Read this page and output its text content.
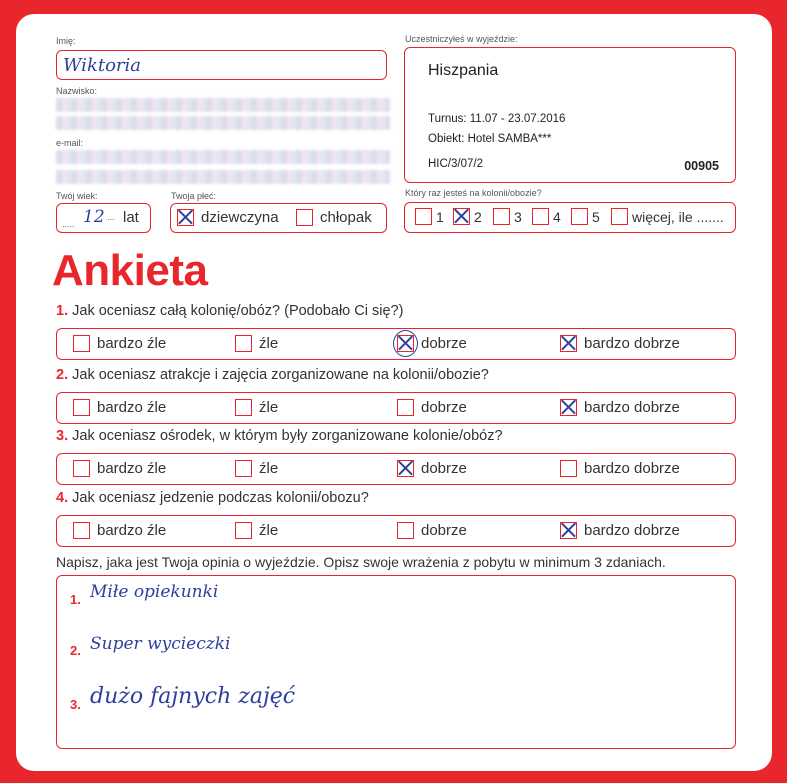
Imię:
Wiktoria
Nazwisko:
e-mail:
Twój wiek:
..... 12 ... lat
Twoja płeć:
dziewczyna	chłopak
Uczestniczyłeś w wyjeździe:
Hiszpania
Turnus: 11.07 - 23.07.2016
Obiekt: Hotel SAMBA***
HIC/3/07/2	00905
Który raz jesteś na kolonii/obozie?
1 2 3 4 5 więcej, ile .......
Ankieta
1. Jak oceniasz całą kolonię/obóz? (Podobało Ci się?)
bardzo źle	źle	dobrze	bardzo dobrze
2. Jak oceniasz atrakcje i zajęcia zorganizowane na kolonii/obozie?
bardzo źle	źle	dobrze	bardzo dobrze
3. Jak oceniasz ośrodek, w którym były zorganizowane kolonie/obóz?
bardzo źle	źle	dobrze	bardzo dobrze
4. Jak oceniasz jedzenie podczas kolonii/obozu?
bardzo źle	źle	dobrze	bardzo dobrze
Napisz, jaka jest Twoja opinia o wyjeździe. Opisz swoje wrażenia z pobytu w minimum 3 zdaniach.
1. Miłe opiekunki
2. Super wycieczki
3. dużo fajnych zajęć
